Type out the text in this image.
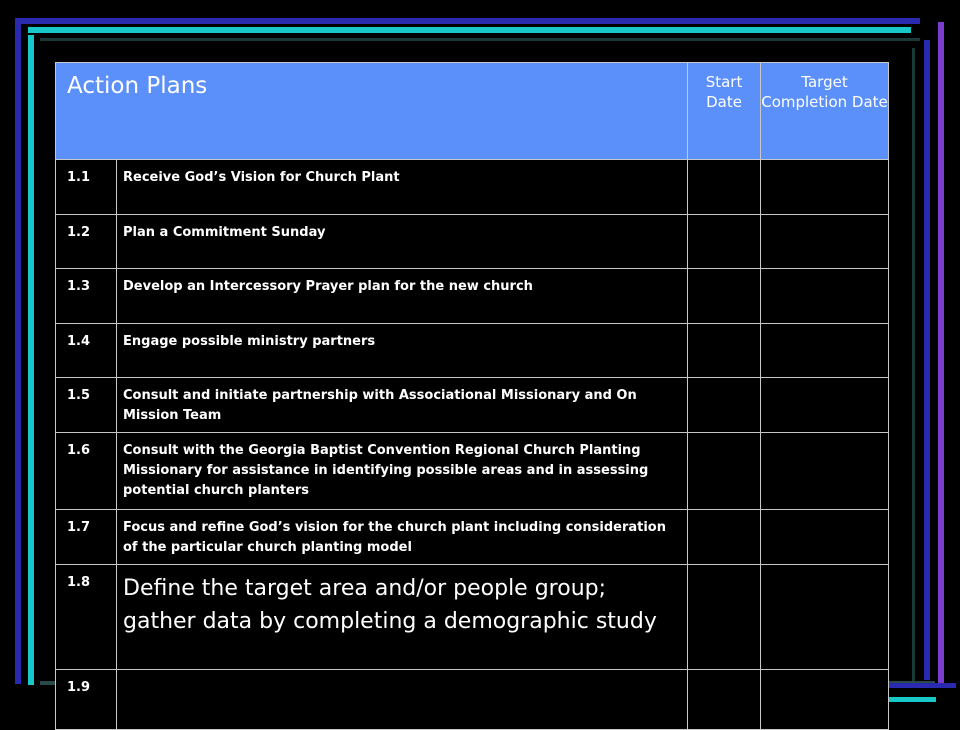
Action Plans		Start Date	Target Completion Date
1.1	Receive God’s Vision for Church Plant		
1.2	Plan a Commitment Sunday		
1.3	Develop an Intercessory Prayer plan for the new church		
1.4	Engage possible ministry partners		
1.5	Consult and initiate partnership with Associational Missionary and On Mission Team		
1.6	Consult with the Georgia Baptist Convention Regional Church Planting Missionary for assistance in identifying possible areas and in assessing potential church planters		
1.7	Focus and refine God’s vision for the church plant including consideration of the particular church planting model		
1.8	Define the target area and/or people group; gather data by completing a demographic study		
1.9			
